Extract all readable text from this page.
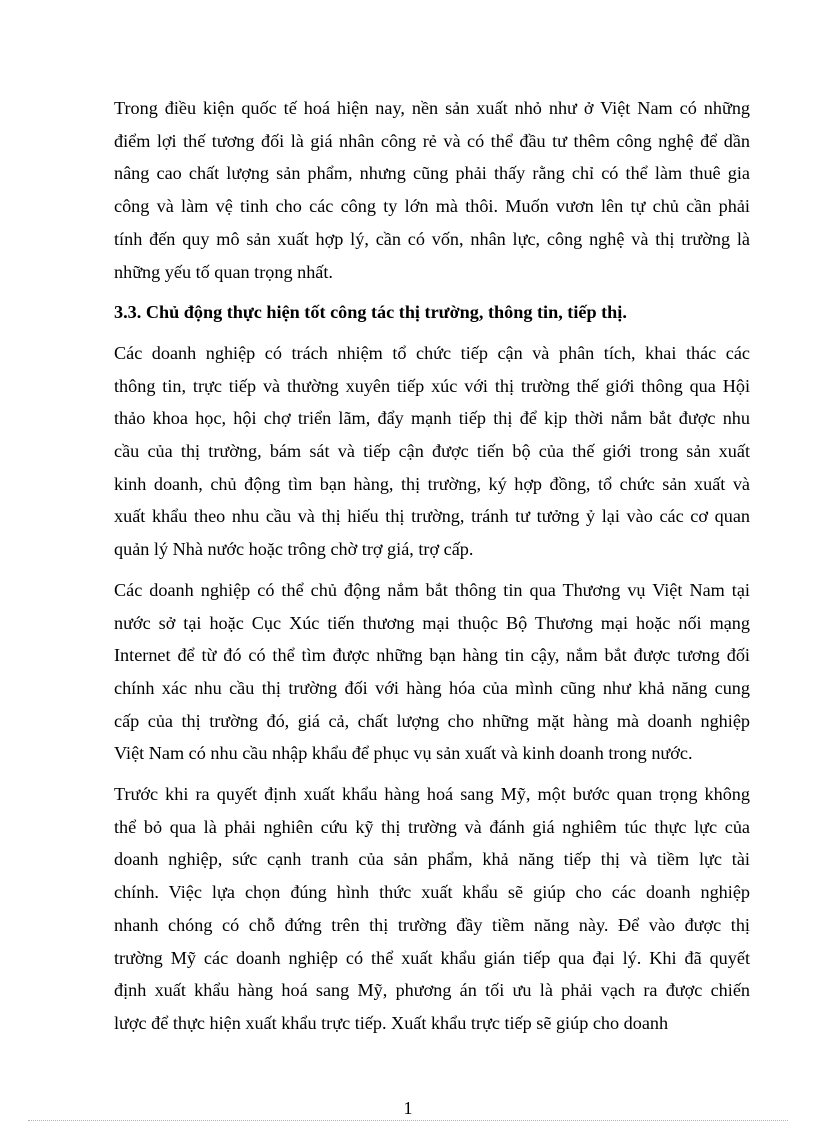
Trong điều kiện quốc tế hoá hiện nay, nền sản xuất nhỏ như ở Việt Nam có những
điểm lợi thế tương đối là giá nhân công rẻ và có thể đầu tư thêm công nghệ để dần
nâng cao chất lượng sản phẩm, nhưng cũng phải thấy rằng chỉ có thể làm thuê gia
công và làm vệ tinh cho các công ty lớn mà thôi. Muốn vươn lên tự chủ cần phải
tính đến quy mô sản xuất hợp lý, cần có vốn, nhân lực, công nghệ và thị trường là
những yếu tố quan trọng nhất.

3.3. Chủ động thực hiện tốt công tác thị trường, thông tin, tiếp thị.

Các doanh nghiệp có trách nhiệm tổ chức tiếp cận và phân tích, khai thác các
thông tin, trực tiếp và thường xuyên tiếp xúc với thị trường thế giới thông qua Hội
thảo khoa học, hội chợ triển lãm, đẩy mạnh tiếp thị để kịp thời nắm bắt được nhu
cầu của thị trường, bám sát và tiếp cận được tiến bộ của thế giới trong sản xuất
kinh doanh, chủ động tìm bạn hàng, thị trường, ký hợp đồng, tổ chức sản xuất và
xuất khẩu theo nhu cầu và thị hiếu thị trường, tránh tư tưởng ỷ lại vào các cơ quan
quản lý Nhà nước hoặc trông chờ trợ giá, trợ cấp.

Các doanh nghiệp có thể chủ động nắm bắt thông tin qua Thương vụ Việt Nam tại
nước sở tại hoặc Cục Xúc tiến thương mại thuộc Bộ Thương mại hoặc nối mạng
Internet để từ đó có thể tìm được những bạn hàng tin cậy, nắm bắt được tương đối
chính xác nhu cầu thị trường đối với hàng hóa của mình cũng như khả năng cung
cấp của thị trường đó, giá cả, chất lượng cho những mặt hàng mà doanh nghiệp
Việt Nam có nhu cầu nhập khẩu để phục vụ sản xuất và kinh doanh trong nước.

Trước khi ra quyết định xuất khẩu hàng hoá sang Mỹ, một bước quan trọng không
thể bỏ qua là phải nghiên cứu kỹ thị trường và đánh giá nghiêm túc thực lực của
doanh nghiệp, sức cạnh tranh của sản phẩm, khả năng tiếp thị và tiềm lực tài
chính. Việc lựa chọn đúng hình thức xuất khẩu sẽ giúp cho các doanh nghiệp
nhanh chóng có chỗ đứng trên thị trường đầy tiềm năng này. Để vào được thị
trường Mỹ các doanh nghiệp có thể xuất khẩu gián tiếp qua đại lý. Khi đã quyết
định xuất khẩu hàng hoá sang Mỹ, phương án tối ưu là phải vạch ra được chiến
lược để thực hiện xuất khẩu trực tiếp. Xuất khẩu trực tiếp sẽ giúp cho doanh

1
